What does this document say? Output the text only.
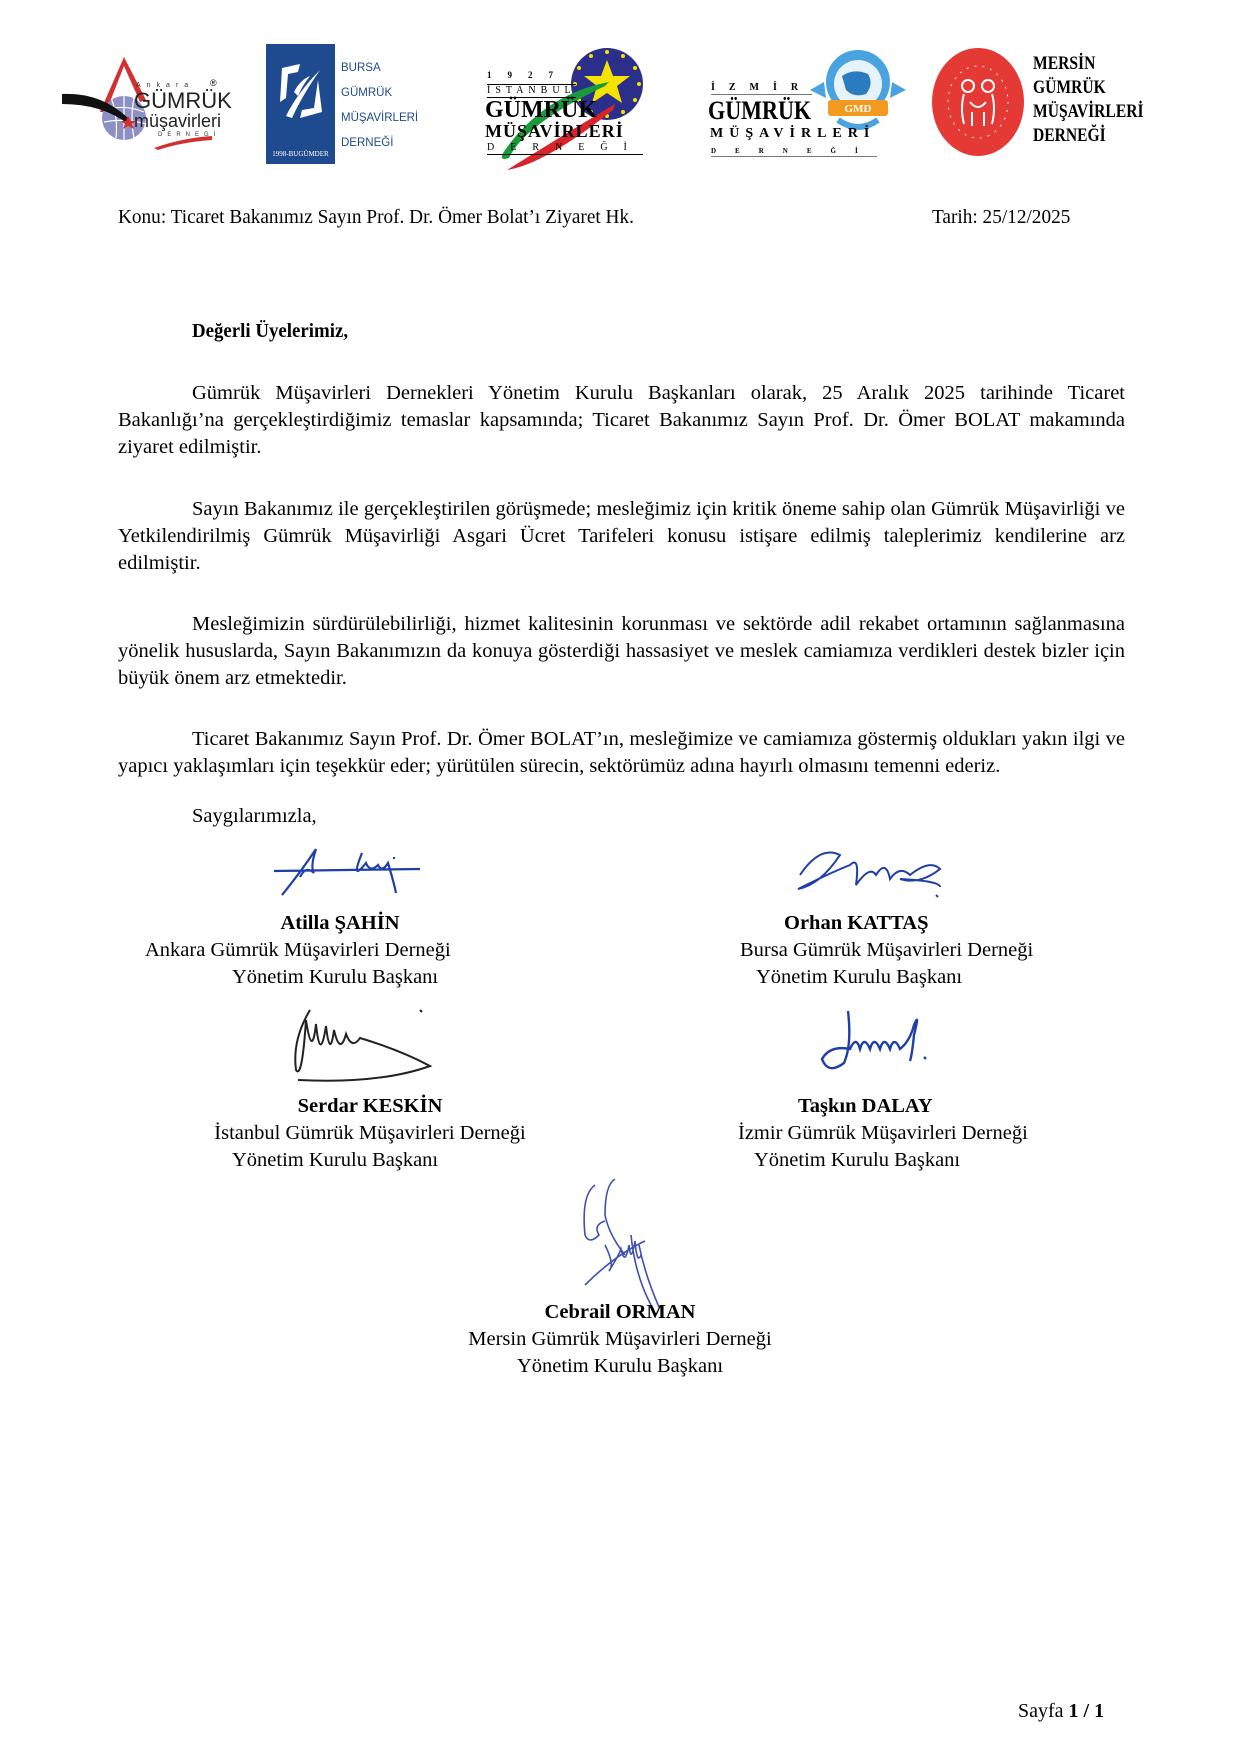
Ankara ®
GÜMRÜK
müşavirleri
DERNEGİ
1998-BUGÜMDER
BURSA
GÜMRÜK
MÜŞAVİRLERİ
DERNEĞİ
1927
İSTANBUL
GÜMRÜK
MÜŞAVİRLERİ
DERNEĞİ
GMD
İZMİR
GÜMRÜK
MÜŞAVİRLERİ
DERNEĞİ
MERSİN
GÜMRÜK
MÜŞAVİRLERİ
DERNEĞİ
Konu: Ticaret Bakanımız Sayın Prof. Dr. Ömer Bolat’ı Ziyaret Hk.	Tarih: 25/12/2025
Değerli Üyelerimiz,
Gümrük Müşavirleri Dernekleri Yönetim Kurulu Başkanları olarak, 25 Aralık 2025 tarihinde Ticaret Bakanlığı’na gerçekleştirdiğimiz temaslar kapsamında; Ticaret Bakanımız Sayın Prof. Dr. Ömer BOLAT makamında ziyaret edilmiştir.
Sayın Bakanımız ile gerçekleştirilen görüşmede; mesleğimiz için kritik öneme sahip olan Gümrük Müşavirliği ve Yetkilendirilmiş Gümrük Müşavirliği Asgari Ücret Tarifeleri konusu istişare edilmiş taleplerimiz kendilerine arz edilmiştir.
Mesleğimizin sürdürülebilirliği, hizmet kalitesinin korunması ve sektörde adil rekabet ortamının sağlanmasına yönelik hususlarda, Sayın Bakanımızın da konuya gösterdiği hassasiyet ve meslek camiamıza verdikleri destek bizler için büyük önem arz etmektedir.
Ticaret Bakanımız Sayın Prof. Dr. Ömer BOLAT’ın, mesleğimize ve camiamıza göstermiş oldukları yakın ilgi ve yapıcı yaklaşımları için teşekkür eder; yürütülen sürecin, sektörümüz adına hayırlı olmasını temenni ederiz.
Saygılarımızla,
Atilla ŞAHİN
Ankara Gümrük Müşavirleri Derneği
Yönetim Kurulu Başkanı
Orhan KATTAŞ
Bursa Gümrük Müşavirleri Derneği
Yönetim Kurulu Başkanı
Serdar KESKİN
İstanbul Gümrük Müşavirleri Derneği
Yönetim Kurulu Başkanı
Taşkın DALAY
İzmir Gümrük Müşavirleri Derneği
Yönetim Kurulu Başkanı
Cebrail ORMAN
Mersin Gümrük Müşavirleri Derneği
Yönetim Kurulu Başkanı
Sayfa 1 / 1
